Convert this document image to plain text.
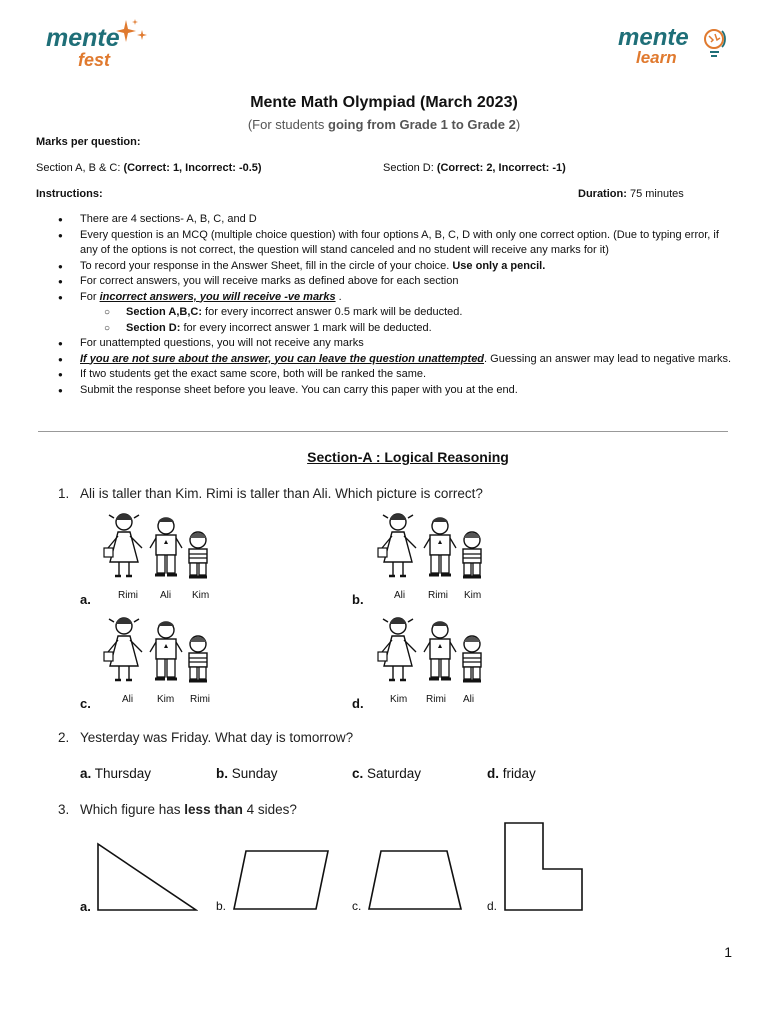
mente
fest
mente
learn
Mente Math Olympiad (March 2023)
(For students going from Grade 1 to Grade 2)
Marks per question:
Section A, B & C: (Correct: 1, Incorrect: -0.5)	Section D: (Correct: 2, Incorrect: -1)
Instructions:	Duration: 75 minutes
● There are 4 sections- A, B, C, and D
● Every question is an MCQ (multiple choice question) with four options A, B, C, D with only one correct option. (Due to typing error, if any of the options is not correct, the question will stand canceled and no student will receive any marks for it)
● To record your response in the Answer Sheet, fill in the circle of your choice. Use only a pencil.
● For correct answers, you will receive marks as defined above for each section
● For incorrect answers, you will receive -ve marks .
○ Section A,B,C: for every incorrect answer 0.5 mark will be deducted.
○ Section D: for every incorrect answer 1 mark will be deducted.
● For unattempted questions, you will not receive any marks
● If you are not sure about the answer, you can leave the question unattempted. Guessing an answer may lead to negative marks.
● If two students get the exact same score, both will be ranked the same.
● Submit the response sheet before you leave. You can carry this paper with you at the end.
Section-A : Logical Reasoning
1. Ali is taller than Kim. Rimi is taller than Ali. Which picture is correct?
a.	Rimi Ali Kim	b.	Ali Rimi Kim
c.	Ali Kim Rimi	d.	Kim Rimi Ali
2. Yesterday was Friday. What day is tomorrow?
a. Thursday	b. Sunday	c. Saturday	d. friday
3. Which figure has less than 4 sides?
a.	b.	c.	d.
1
